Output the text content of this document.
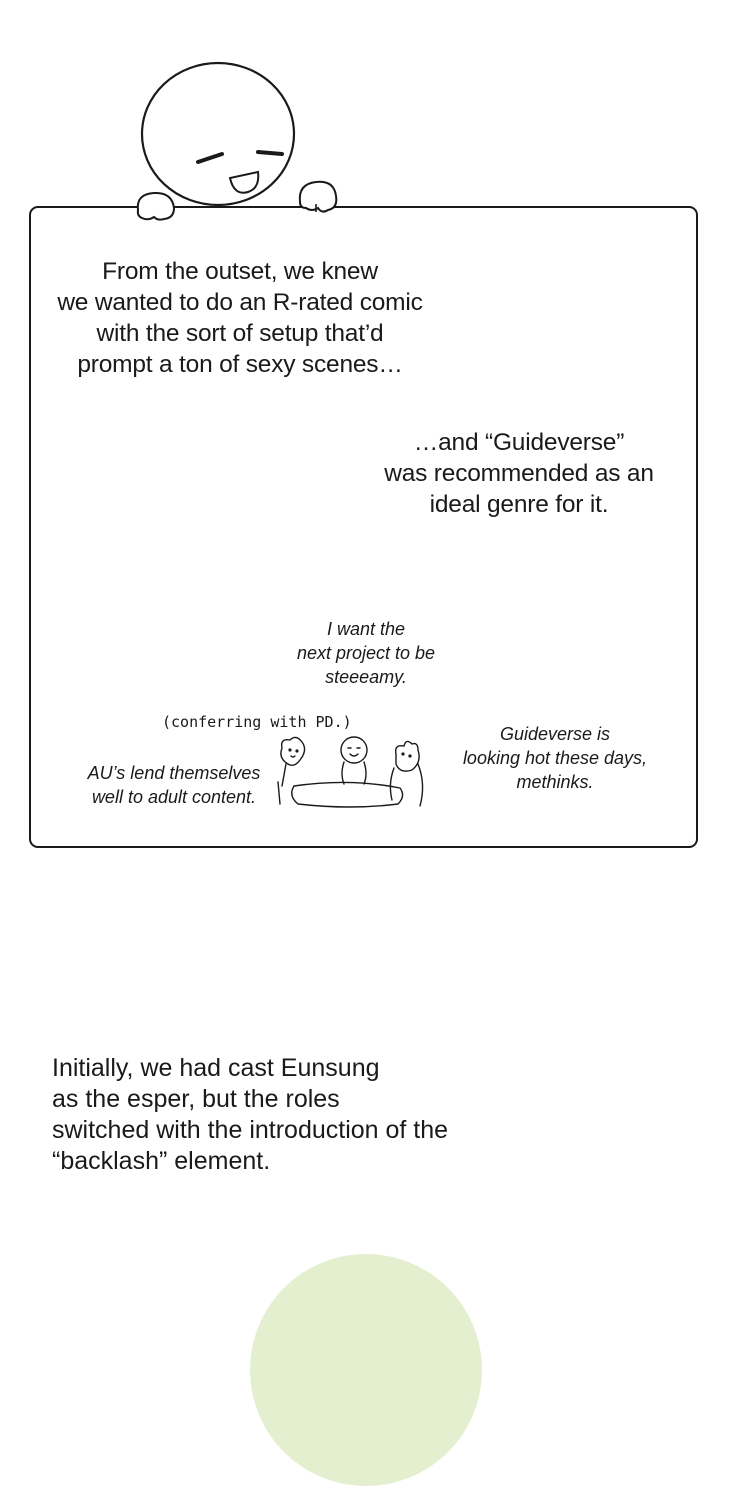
From the outset, we knew
we wanted to do an R-rated comic
with the sort of setup that’d
prompt a ton of sexy scenes…
…and “Guideverse”
was recommended as an
ideal genre for it.
I want the
next project to be
steeeamy.
(conferring with PD.)
AU’s lend themselves
well to adult content.
Guideverse is
looking hot these days,
methinks.
Initially, we had cast Eunsung
as the esper, but the roles
switched with the introduction of the
“backlash” element.
